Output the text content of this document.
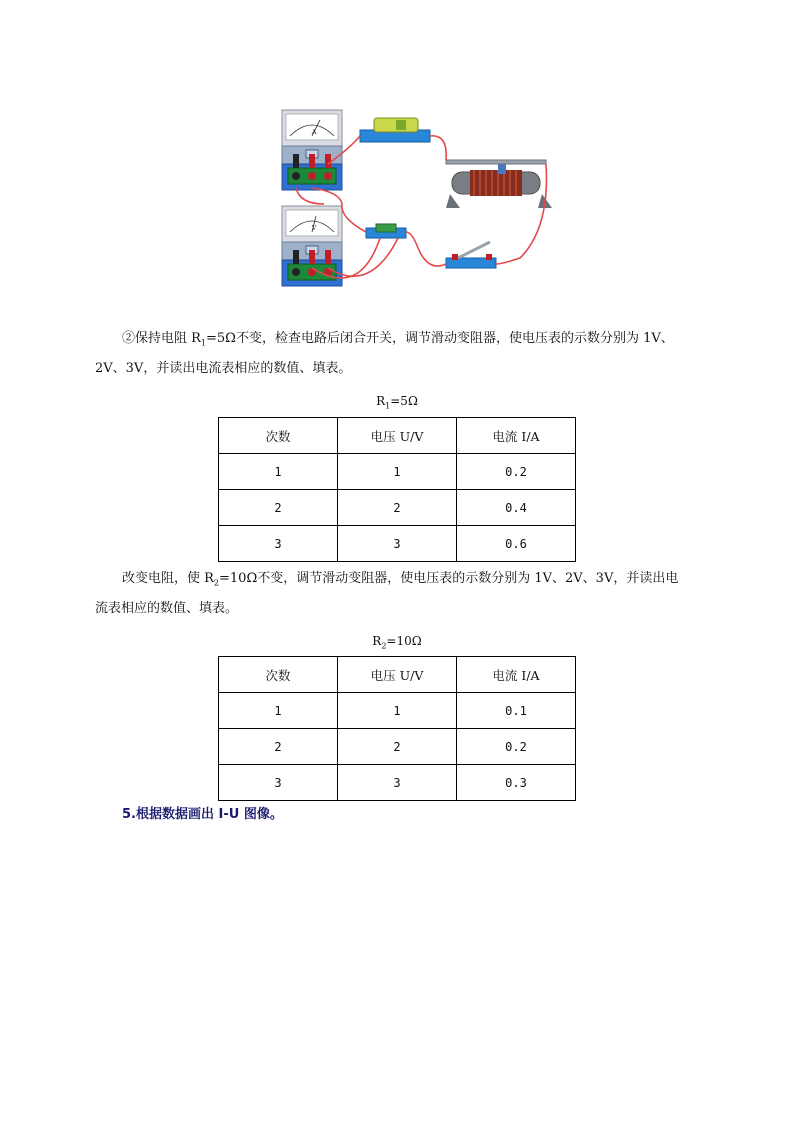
A
V
②保持电阻 $R_1=5\Omega$不变，检查电路后闭合开关，调节滑动变阻器，使电压表的示数分别为 1V、
2V、3V，并读出电流表相应的数值、填表。
$R_1=5\Omega$
次数	电压 U/V	电流 I/A
1	1	0.2
2	2	0.4
3	3	0.6
改变电阻，使 $R_2=10\Omega$不变，调节滑动变阻器，使电压表的示数分别为 1V、2V、3V，并读出电
流表相应的数值、填表。
$R_2=10\Omega$
次数	电压 U/V	电流 I/A
1	1	0.1
2	2	0.2
3	3	0.3
5.根据数据画出 I-U 图像。
